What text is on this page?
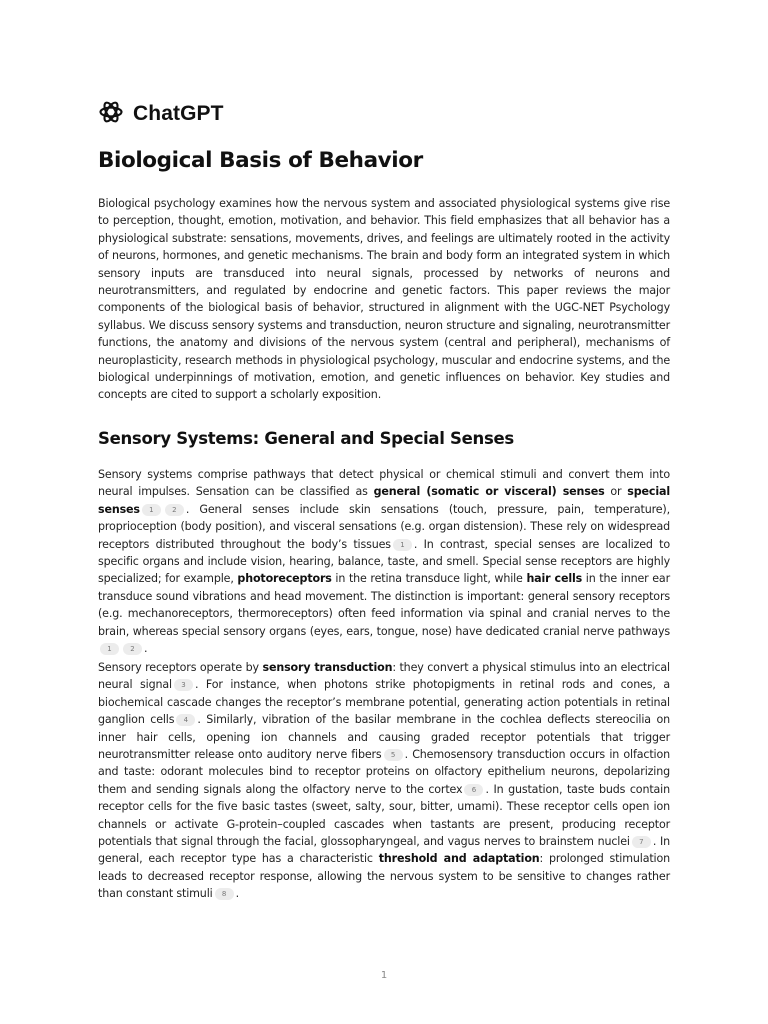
ChatGPT
Biological Basis of Behavior

Biological psychology examines how the nervous system and associated physiological systems give rise to perception, thought, emotion, motivation, and behavior. This field emphasizes that all behavior has a physiological substrate: sensations, movements, drives, and feelings are ultimately rooted in the activity of neurons, hormones, and genetic mechanisms. The brain and body form an integrated system in which sensory inputs are transduced into neural signals, processed by networks of neurons and neurotransmitters, and regulated by endocrine and genetic factors. This paper reviews the major components of the biological basis of behavior, structured in alignment with the UGC-NET Psychology syllabus. We discuss sensory systems and transduction, neuron structure and signaling, neurotransmitter functions, the anatomy and divisions of the nervous system (central and peripheral), mechanisms of neuroplasticity, research methods in physiological psychology, muscular and endocrine systems, and the biological underpinnings of motivation, emotion, and genetic influences on behavior. Key studies and concepts are cited to support a scholarly exposition.

Sensory Systems: General and Special Senses

Sensory systems comprise pathways that detect physical or chemical stimuli and convert them into neural impulses. Sensation can be classified as general (somatic or visceral) senses or special senses 1	2 . General senses include skin sensations (touch, pressure, pain, temperature), proprioception (body position), and visceral sensations (e.g. organ distension). These rely on widespread receptors distributed throughout the body’s tissues 1 . In contrast, special senses are localized to specific organs and include vision, hearing, balance, taste, and smell. Special sense receptors are highly specialized; for example, photoreceptors in the retina transduce light, while hair cells in the inner ear transduce sound vibrations and head movement. The distinction is important: general sensory receptors (e.g. mechanoreceptors, thermoreceptors) often feed information via spinal and cranial nerves to the brain, whereas special sensory organs (eyes, ears, tongue, nose) have dedicated cranial nerve pathways1	2 .

Sensory receptors operate by sensory transduction: they convert a physical stimulus into an electrical neural signal 3 . For instance, when photons strike photopigments in retinal rods and cones, a biochemical cascade changes the receptor’s membrane potential, generating action potentials in retinal ganglion cells 4 . Similarly, vibration of the basilar membrane in the cochlea deflects stereocilia on inner hair cells, opening ion channels and causing graded receptor potentials that trigger neurotransmitter release onto auditory nerve fibers 5 . Chemosensory transduction occurs in olfaction and taste: odorant molecules bind to receptor proteins on olfactory epithelium neurons, depolarizing them and sending signals along the olfactory nerve to the cortex 6 . In gustation, taste buds contain receptor cells for the five basic tastes (sweet, salty, sour, bitter, umami). These receptor cells open ion channels or activate G-protein–coupled cascades when tastants are present, producing receptor potentials that signal through the facial, glossopharyngeal, and vagus nerves to brainstem nuclei 7 . In general, each receptor type has a characteristic threshold and adaptation: prolonged stimulation leads to decreased receptor response, allowing the nervous system to be sensitive to changes rather than constant stimuli 8 .

1
